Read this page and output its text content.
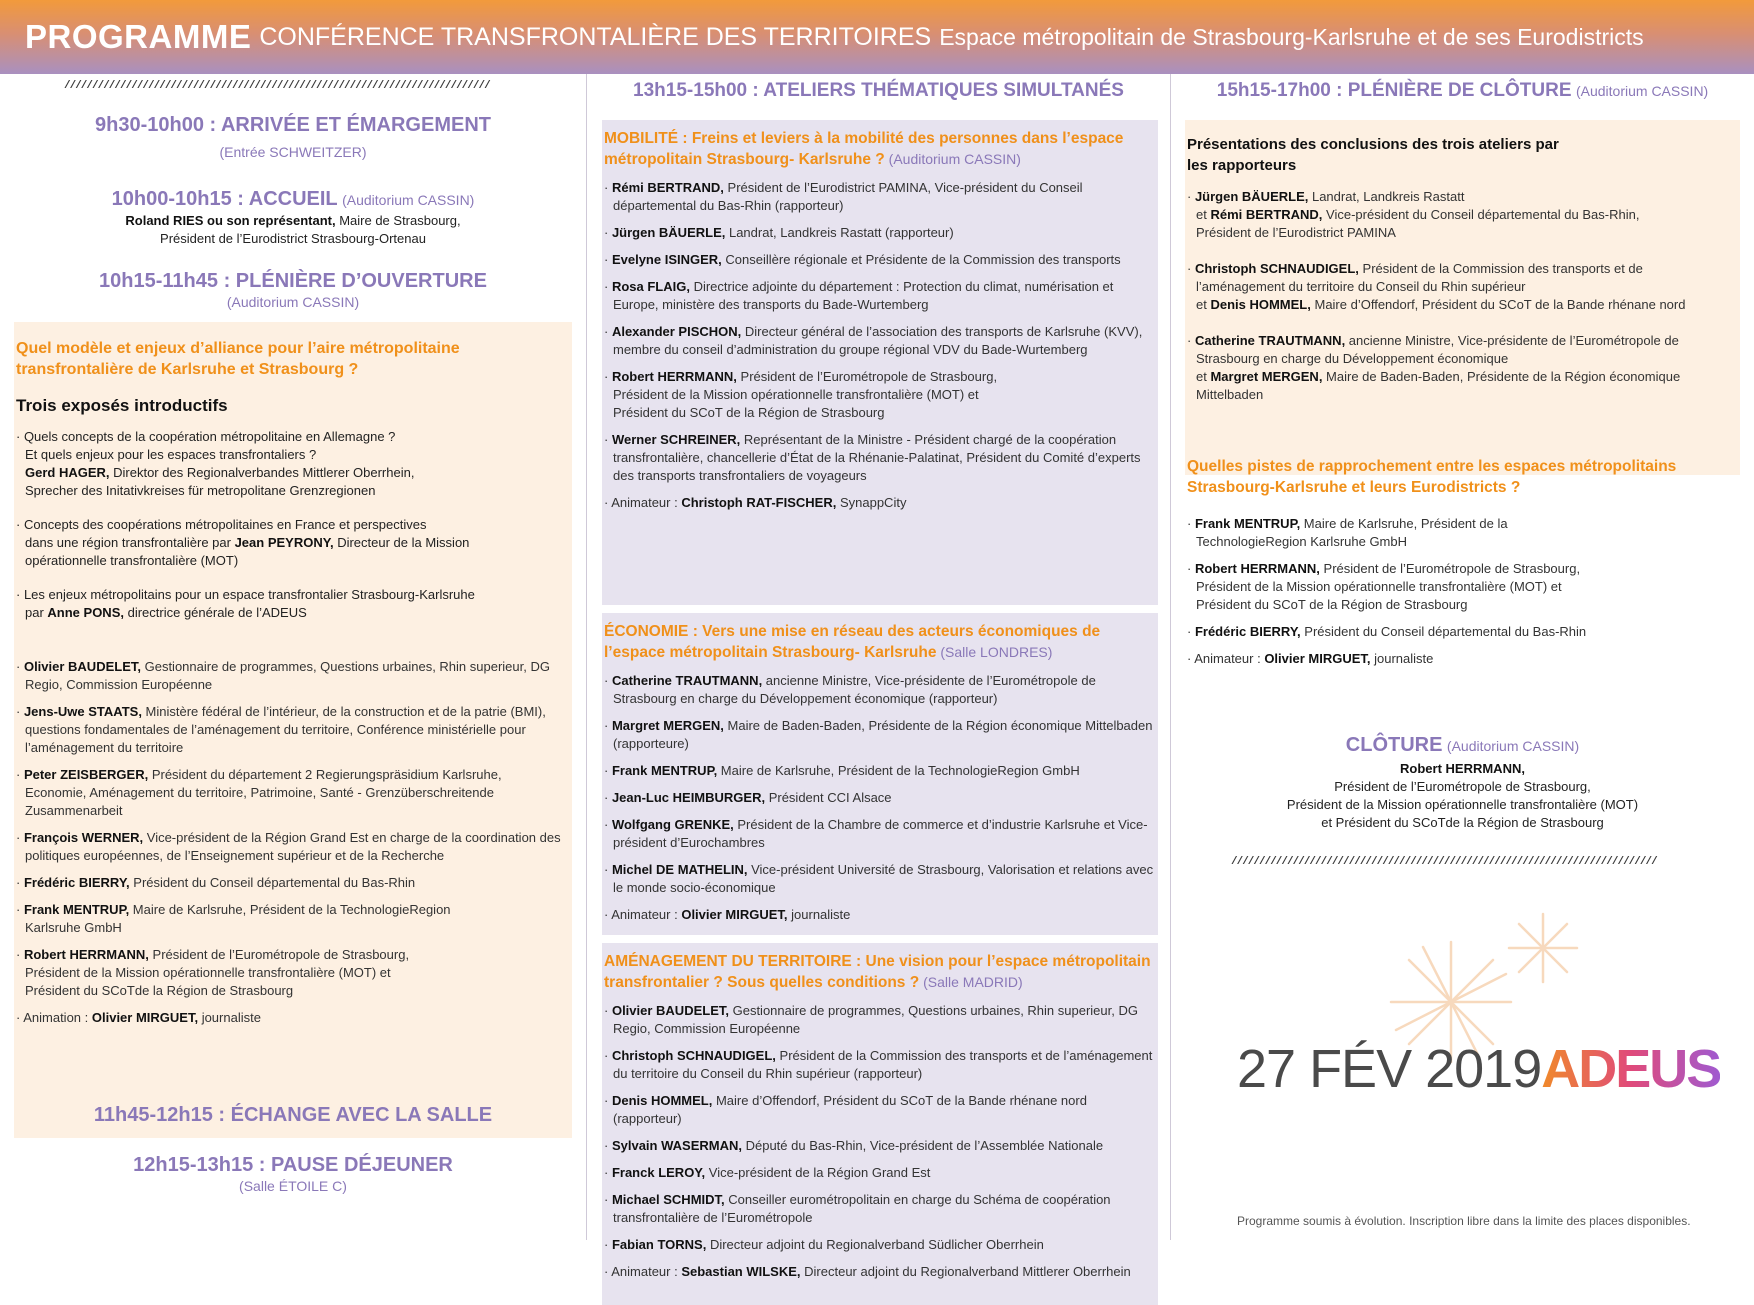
PROGRAMME CONFÉRENCE TRANSFRONTALIÈRE DES TERRITOIRES Espace métropolitain de Strasbourg-Karlsruhe et de ses Eurodistricts
////////////////////////////////////////////////////////////////////////////
9h30-10h00 : ARRIVÉE ET ÉMARGEMENT
(Entrée SCHWEITZER)
10h00-10h15 : ACCUEIL (Auditorium CASSIN)
Roland RIES ou son représentant, Maire de Strasbourg,
Président de l’Eurodistrict Strasbourg-Ortenau
10h15-11h45 : PLÉNIÈRE D’OUVERTURE
(Auditorium CASSIN)
Quel modèle et enjeux d’alliance pour l’aire métropolitaine transfrontalière de Karlsruhe et Strasbourg ?
Trois exposés introductifs
· Quels concepts de la coopération métropolitaine en Allemagne ?
Et quels enjeux pour les espaces transfrontaliers ?
Gerd HAGER, Direktor des Regionalverbandes Mittlerer Oberrhein,
Sprecher des Initativkreises für metropolitane Grenzregionen
· Concepts des coopérations métropolitaines en France et perspectives
dans une région transfrontalière par Jean PEYRONY, Directeur de la Mission
opérationnelle transfrontalière (MOT)
· Les enjeux métropolitains pour un espace transfrontalier Strasbourg-Karlsruhe
par Anne PONS, directrice générale de l’ADEUS
· Olivier BAUDELET, Gestionnaire de programmes, Questions urbaines, Rhin superieur, DG Regio, Commission Européenne
· Jens-Uwe STAATS, Ministère fédéral de l’intérieur, de la construction et de la patrie (BMI), questions fondamentales de l’aménagement du territoire, Conférence ministérielle pour l’aménagement du territoire
· Peter ZEISBERGER, Président du département 2 Regierungspräsidium Karlsruhe, Economie, Aménagement du territoire, Patrimoine, Santé - Grenzüberschreitende Zusammenarbeit
· François WERNER, Vice-président de la Région Grand Est en charge de la coordination des politiques européennes, de l’Enseignement supérieur et de la Recherche
· Frédéric BIERRY, Président du Conseil départemental du Bas-Rhin
· Frank MENTRUP, Maire de Karlsruhe, Président de la TechnologieRegion Karlsruhe GmbH
· Robert HERRMANN, Président de l’Eurométropole de Strasbourg, Président de la Mission opérationnelle transfrontalière (MOT) et Président du SCoTde la Région de Strasbourg
· Animation : Olivier MIRGUET, journaliste
11h45-12h15 : ÉCHANGE AVEC LA SALLE
12h15-13h15 : PAUSE DÉJEUNER
(Salle ÉTOILE C)
13h15-15h00 : ATELIERS THÉMATIQUES SIMULTANÉS
MOBILITÉ : Freins et leviers à la mobilité des personnes dans l’espace métropolitain Strasbourg- Karlsruhe ? (Auditorium CASSIN)
· Rémi BERTRAND, Président de l’Eurodistrict PAMINA, Vice-président du Conseil départemental du Bas-Rhin (rapporteur)
· Jürgen BÄUERLE, Landrat, Landkreis Rastatt (rapporteur)
· Evelyne ISINGER, Conseillère régionale et Présidente de la Commission des transports
· Rosa FLAIG, Directrice adjointe du département : Protection du climat, numérisation et Europe, ministère des transports du Bade-Wurtemberg
· Alexander PISCHON, Directeur général de l’association des transports de Karlsruhe (KVV), membre du conseil d’administration du groupe régional VDV du Bade-Wurtemberg
· Robert HERRMANN, Président de l’Eurométropole de Strasbourg, Président de la Mission opérationnelle transfrontalière (MOT) et Président du SCoT de la Région de Strasbourg
· Werner SCHREINER, Représentant de la Ministre - Président chargé de la coopération transfrontalière, chancellerie d’État de la Rhénanie-Palatinat, Président du Comité d’experts des transports transfrontaliers de voyageurs
· Animateur : Christoph RAT-FISCHER, SynappCity
ÉCONOMIE : Vers une mise en réseau des acteurs économiques de l’espace métropolitain Strasbourg- Karlsruhe (Salle LONDRES)
· Catherine TRAUTMANN, ancienne Ministre, Vice-présidente de l’Eurométropole de Strasbourg en charge du Développement économique (rapporteur)
· Margret MERGEN, Maire de Baden-Baden, Présidente de la Région économique Mittelbaden (rapporteure)
· Frank MENTRUP, Maire de Karlsruhe, Président de la TechnologieRegion GmbH
· Jean-Luc HEIMBURGER, Président CCI Alsace
· Wolfgang GRENKE, Président de la Chambre de commerce et d’industrie Karlsruhe et Vice-président d’Eurochambres
· Michel DE MATHELIN, Vice-président Université de Strasbourg, Valorisation et relations avec le monde socio-économique
· Animateur : Olivier MIRGUET, journaliste
AMÉNAGEMENT DU TERRITOIRE : Une vision pour l’espace métropolitain transfrontalier ? Sous quelles conditions ? (Salle MADRID)
· Olivier BAUDELET, Gestionnaire de programmes, Questions urbaines, Rhin superieur, DG Regio, Commission Européenne
· Christoph SCHNAUDIGEL, Président de la Commission des transports et de l’aménagement du territoire du Conseil du Rhin supérieur (rapporteur)
· Denis HOMMEL, Maire d’Offendorf, Président du SCoT de la Bande rhénane nord (rapporteur)
· Sylvain WASERMAN, Député du Bas-Rhin, Vice-président de l’Assemblée Nationale
· Franck LEROY, Vice-président de la Région Grand Est
· Michael SCHMIDT, Conseiller eurométropolitain en charge du Schéma de coopération transfrontalière de l’Eurométropole
· Fabian TORNS, Directeur adjoint du Regionalverband Südlicher Oberrhein
· Animateur : Sebastian WILSKE, Directeur adjoint du Regionalverband Mittlerer Oberrhein
15h15-17h00 : PLÉNIÈRE DE CLÔTURE (Auditorium CASSIN)
Présentations des conclusions des trois ateliers par les rapporteurs
· Jürgen BÄUERLE, Landrat, Landkreis Rastatt
et Rémi BERTRAND, Vice-président du Conseil départemental du Bas-Rhin, Président de l’Eurodistrict PAMINA
· Christoph SCHNAUDIGEL, Président de la Commission des transports et de l’aménagement du territoire du Conseil du Rhin supérieur
et Denis HOMMEL, Maire d’Offendorf, Président du SCoT de la Bande rhénane nord
· Catherine TRAUTMANN, ancienne Ministre, Vice-présidente de l’Eurométropole de Strasbourg en charge du Développement économique
et Margret MERGEN, Maire de Baden-Baden, Présidente de la Région économique Mittelbaden
Quelles pistes de rapprochement entre les espaces métropolitains Strasbourg-Karlsruhe et leurs Eurodistricts ?
· Frank MENTRUP, Maire de Karlsruhe, Président de la TechnologieRegion Karlsruhe GmbH
· Robert HERRMANN, Président de l’Eurométropole de Strasbourg, Président de la Mission opérationnelle transfrontalière (MOT) et Président du SCoT de la Région de Strasbourg
· Frédéric BIERRY, Président du Conseil départemental du Bas-Rhin
· Animateur : Olivier MIRGUET, journaliste
CLÔTURE (Auditorium CASSIN)
Robert HERRMANN,
Président de l’Eurométropole de Strasbourg,
Président de la Mission opérationnelle transfrontalière (MOT)
et Président du SCoTde la Région de Strasbourg
////////////////////////////////////////////////////////////////////////////
27 FÉV 2019ADEUS
Programme soumis à évolution. Inscription libre dans la limite des places disponibles.
